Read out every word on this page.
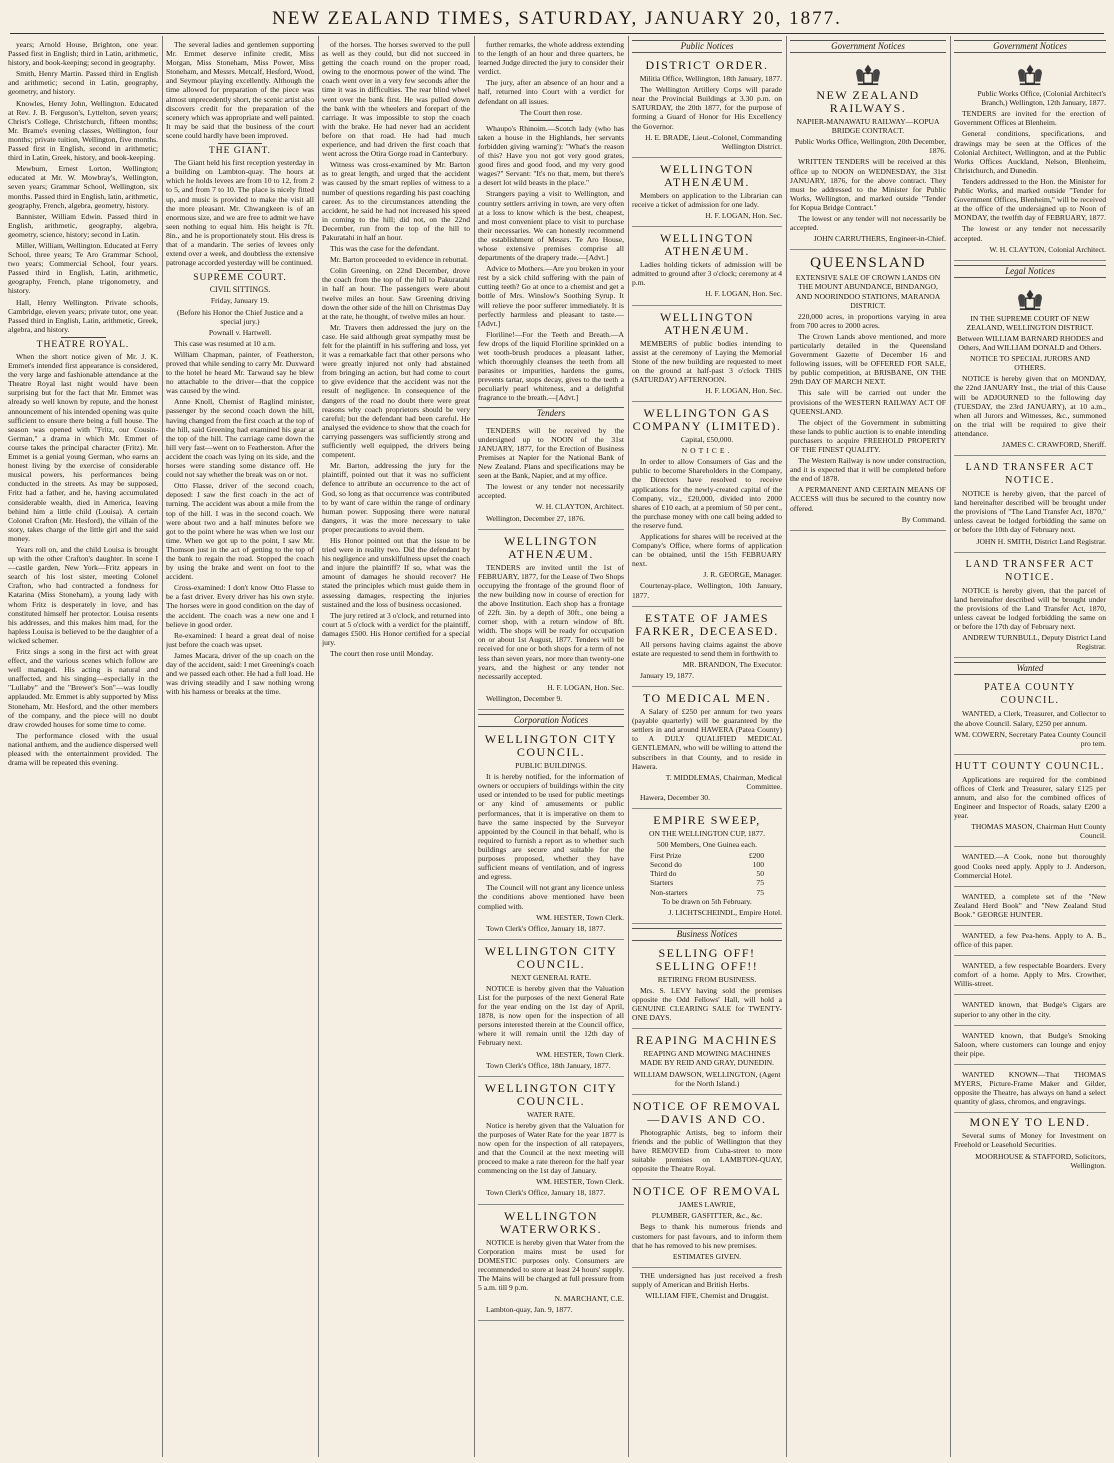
NEW ZEALAND TIMES, SATURDAY, JANUARY 20, 1877.

years; Arnold House, Brighton, one year. Passed first in English; third in Latin, arithmetic, history, and book-keeping; second in geography.

Smith, Henry Martin. Passed third in English and arithmetic; second in Latin, geography, geometry, and history.

Knowles, Henry John, Wellington. Educated at Rev. J. B. Ferguson's, Lyttelton, seven years; Christ's College, Christchurch, fifteen months; Mr. Brame's evening classes, Wellington, four months; private tuition, Wellington, five months. Passed first in English, second in arithmetic; third in Latin, Greek, history, and book-keeping.

Mewburn, Ernest Lorton, Wellington; educated at Mr. W. Mowbray's, Wellington, seven years; Grammar School, Wellington, six months. Passed third in English, latin, arithmetic, geography, French, algebra, geometry, history.

Bannister, William Edwin. Passed third in English, arithmetic, geography, algebra, geometry, science, history; second in Latin.

Miller, William, Wellington. Educated at Ferry School, three years; Te Aro Grammar School, two years; Commercial School, four years. Passed third in English, Latin, arithmetic, geography, French, plane trigonometry, and history.

Hall, Henry Wellington. Private schools, Cambridge, eleven years; private tutor, one year. Passed third in English, Latin, arithmetic, Greek, algebra, and history.

THEATRE ROYAL.

When the short notice given of Mr. J. K. Emmet's intended first appearance is considered, the very large and fashionable attendance at the Theatre Royal last night would have been surprising but for the fact that Mr. Emmet was already so well known by repute, and the honest announcement of his intended opening was quite sufficient to ensure there being a full house. The season was opened with "Fritz, our Cousin-German," a drama in which Mr. Emmet of course takes the principal character (Fritz). Mr. Emmet is a genial young German, who earns an honest living by the exercise of considerable musical powers, his performances being conducted in the streets. As may be supposed, Fritz had a father, and he, having accumulated considerable wealth, died in America, leaving behind him a little child (Louisa). A certain Colonel Crafton (Mr. Hesford), the villain of the story, takes charge of the little girl and the said money.

Years roll on, and the child Louisa is brought up with the other Crafton's daughter. In scene I—castle garden, New York—Fritz appears in search of his lost sister, meeting Colonel Crafton, who had contracted a fondness for Katarina (Miss Stoneham), a young lady with whom Fritz is desperately in love, and has constituted himself her protector. Louisa resents his addresses, and this makes him mad, for the hapless Louisa is believed to be the daughter of a wicked schemer.

Fritz sings a song in the first act with great effect, and the various scenes which follow are well managed. His acting is natural and unaffected, and his singing—especially in the "Lullaby" and the "Brewer's Son"—was loudly applauded. Mr. Emmet is ably supported by Miss Stoneham, Mr. Hesford, and the other members of the company, and the piece will no doubt draw crowded houses for some time to come.

The performance closed with the usual national anthem, and the audience dispersed well pleased with the entertainment provided. The drama will be repeated this evening.

The several ladies and gentlemen supporting Mr. Emmet deserve infinite credit, Miss Morgan, Miss Stoneham, Miss Power, Miss Stoneham, and Messrs. Metcalf, Hesford, Wood, and Seymour playing excellently. Although the time allowed for preparation of the piece was almost unprecedently short, the scenic artist also discovers credit for the preparation of the scenery which was appropriate and well painted. It may be said that the business of the court scene could hardly have been improved.

THE GIANT.

The Giant held his first reception yesterday in a building on Lambton-quay. The hours at which he holds levees are from 10 to 12, from 2 to 5, and from 7 to 10. The place is nicely fitted up, and music is provided to make the visit all the more pleasant. Mr. Chwangkeen is of an enormous size, and we are free to admit we have seen nothing to equal him. His height is 7ft. 8in., and he is proportionately stout. His dress is that of a mandarin. The series of levees only extend over a week, and doubtless the extensive patronage accorded yesterday will be continued.

SUPREME COURT.
CIVIL SITTINGS.

Friday, January 19.

(Before his Honor the Chief Justice and a special jury.)

Pownall v. Hartwell.

This case was resumed at 10 a.m.

William Chapman, painter, of Featherston, proved that while sending to carry Mr. Duxward to the hotel he heard Mr. Tarwaud say he blew no attachable to the driver—that the coppice was caused by the wind.

Anne Knoll, Chemist of Raglind minister, passenger by the second coach down the hill, having changed from the first coach at the top of the hill, said Greening had examined his gear at the top of the hill. The carriage came down the hill very fast—went on to Featherston. After the accident the coach was lying on its side, and the horses were standing some distance off. He could not say whether the break was on or not.

Otto Flasse, driver of the second coach, deposed: I saw the first coach in the act of turning. The accident was about a mile from the top of the hill. I was in the second coach. We were about two and a half minutes before we got to the point where he was when we lost our time. When we got up to the point, I saw Mr. Thomson just in the act of getting to the top of the bank to regain the road. Stopped the coach by using the brake and went on foot to the accident.

Cross-examined: I don't know Otto Flasse to be a fast driver. Every driver has his own style. The horses were in good condition on the day of the accident. The coach was a new one and I believe in good order.

Re-examined: I heard a great deal of noise just before the coach was upset.

James Macara, driver of the up coach on the day of the accident, said: I met Greening's coach and we passed each other. He had a full load. He was driving steadily and I saw nothing wrong with his harness or breaks at the time.

of the horses. The horses swerved to the pull as well as they could, but did not succeed in getting the coach round on the proper road, owing to the enormous power of the wind. The coach went over in a very few seconds after the time it was in difficulties. The rear blind wheel went over the bank first. He was pulled down the bank with the wheelers and forepart of the carriage. It was impossible to stop the coach with the brake. He had never had an accident before on that road. He had had much experience, and had driven the first coach that went across the Otira Gorge road in Canterbury.

Witness was cross-examined by Mr. Barton as to great length, and urged that the accident was caused by the smart replies of witness to a number of questions regarding his past coaching career. As to the circumstances attending the accident, he said he had not increased his speed in coming to the hill; did not, on the 22nd December, run from the top of the hill to Pakuratahi in half an hour.

This was the case for the defendant.

Mr. Barton proceeded to evidence in rebuttal.

Colin Greening, on 22nd December, drove the coach from the top of the hill to Pakuratahi in half an hour. The passengers were about twelve miles an hour. Saw Greening driving down the other side of the hill on Christmas Day at the rate, he thought, of twelve miles an hour.

Mr. Travers then addressed the jury on the case. He said although great sympathy must be felt for the plaintiff in his suffering and loss, yet it was a remarkable fact that other persons who were greatly injured not only had abstained from bringing an action, but had come to court to give evidence that the accident was not the result of negligence. In consequence of the dangers of the road no doubt there were great reasons why coach proprietors should be very careful; but the defendant had been careful. He analysed the evidence to show that the coach for carrying passengers was sufficiently strong and sufficiently well equipped, the drivers being competent.

Mr. Barton, addressing the jury for the plaintiff, pointed out that it was no sufficient defence to attribute an occurrence to the act of God, so long as that occurrence was contributed to by want of care within the range of ordinary human power. Supposing there were natural dangers, it was the more necessary to take proper precautions to avoid them.

His Honor pointed out that the issue to be tried were in reality two. Did the defendant by his negligence and unskilfulness upset the coach and injure the plaintiff? If so, what was the amount of damages he should recover? He stated the principles which must guide them in assessing damages, respecting the injuries sustained and the loss of business occasioned.

The jury retired at 3 o'clock, and returned into court at 5 o'clock with a verdict for the plaintiff, damages £500. His Honor certified for a special jury.

The court then rose until Monday.

further remarks, the whole address extending to the length of an hour and three quarters, he learned Judge directed the jury to consider their verdict.

The jury, after an absence of an hour and a half, returned into Court with a verdict for defendant on all issues.

The Court then rose.

Whaupo's Rhinoim.—Scotch lady (who has taken a house in the Highlands, her servants forbidden giving warning'): "What's the reason of this? Have you not got very good grates, good fires and good food, and my very good wages?" Servant: "It's no that, mem, but there's a desert lot wild beasts in the place."

Strangers paying a visit to Wellington, and country settlers arriving in town, are very often at a loss to know which is the best, cheapest, and most convenient place to visit to purchase their necessaries. We can honestly recommend the establishment of Messrs. Te Aro House, whose extensive premises comprise all departments of the drapery trade.—[Advt.]

Advice to Mothers.—Are you broken in your rest by a sick child suffering with the pain of cutting teeth? Go at once to a chemist and get a bottle of Mrs. Winslow's Soothing Syrup. It will relieve the poor sufferer immediately. It is perfectly harmless and pleasant to taste.—[Advt.]

Floriline!—For the Teeth and Breath.—A few drops of the liquid Floriline sprinkled on a wet tooth-brush produces a pleasant lather, which thoroughly cleanses the teeth from all parasites or impurities, hardens the gums, prevents tartar, stops decay, gives to the teeth a peculiarly pearl whiteness, and a delightful fragrance to the breath.—[Advt.]

Tenders

TENDERS will be received by the undersigned up to NOON of the 31st JANUARY, 1877, for the Erection of Business Premises at Napier for the National Bank of New Zealand. Plans and specifications may be seen at the Bank, Napier, and at my office.

The lowest or any tender not necessarily accepted.

W. H. CLAYTON, Architect.

Wellington, December 27, 1876.

WELLINGTON ATHENÆUM.

TENDERS are invited until the 1st of FEBRUARY, 1877, for the Lease of Two Shops occupying the frontage of the ground floor of the new building now in course of erection for the above Institution. Each shop has a frontage of 22ft. 3in. by a depth of 30ft., one being a corner shop, with a return window of 8ft. width. The shops will be ready for occupation on or about 1st August, 1877. Tenders will be received for one or both shops for a term of not less than seven years, nor more than twenty-one years, and the highest or any tender not necessarily accepted.

H. F. LOGAN, Hon. Sec.

Wellington, December 9.

Corporation Notices

WELLINGTON CITY COUNCIL.

PUBLIC BUILDINGS.

It is hereby notified, for the information of owners or occupiers of buildings within the city used or intended to be used for public meetings or any kind of amusements or public performances, that it is imperative on them to have the same inspected by the Surveyor appointed by the Council in that behalf, who is required to furnish a report as to whether such buildings are secure and suitable for the purposes proposed, whether they have sufficient means of ventilation, and of ingress and egress.

The Council will not grant any licence unless the conditions above mentioned have been complied with.

WM. HESTER, Town Clerk.

Town Clerk's Office, January 18, 1877.

WELLINGTON CITY COUNCIL.

NEXT GENERAL RATE.

NOTICE is hereby given that the Valuation List for the purposes of the next General Rate for the year ending on the 1st day of April, 1878, is now open for the inspection of all persons interested therein at the Council office, where it will remain until the 12th day of February next.

WM. HESTER, Town Clerk.

Town Clerk's Office, 18th January, 1877.

WELLINGTON CITY COUNCIL.

WATER RATE.

Notice is hereby given that the Valuation for the purposes of Water Rate for the year 1877 is now open for the inspection of all ratepayers, and that the Council at the next meeting will proceed to make a rate thereon for the half year commencing on the 1st day of January.

WM. HESTER, Town Clerk.

Town Clerk's Office, January 18, 1877.

WELLINGTON WATERWORKS.

NOTICE is hereby given that Water from the Corporation mains must be used for DOMESTIC purposes only. Consumers are recommended to store at least 24 hours' supply. The Mains will be charged at full pressure from 5 a.m. till 9 p.m.

N. MARCHANT, C.E.

Lambton-quay, Jan. 9, 1877.

Public Notices

DISTRICT ORDER.

Militia Office, Wellington, 18th January, 1877.

The Wellington Artillery Corps will parade near the Provincial Buildings at 3.30 p.m. on SATURDAY, the 20th 1877, for the purpose of forming a Guard of Honor for His Excellency the Governor.

H. E. BRADE, Lieut.-Colonel, Commanding Wellington District.

WELLINGTON ATHENÆUM.

Members on application to the Librarian can receive a ticket of admission for one lady.

H. F. LOGAN, Hon. Sec.

WELLINGTON ATHENÆUM.

Ladies holding tickets of admission will be admitted to ground after 3 o'clock; ceremony at 4 p.m.

H. F. LOGAN, Hon. Sec.

WELLINGTON ATHENÆUM.

MEMBERS of public bodies intending to assist at the ceremony of Laying the Memorial Stone of the new building are requested to meet on the ground at half-past 3 o'clock THIS (SATURDAY) AFTERNOON.

H. F. LOGAN, Hon. Sec.

WELLINGTON GAS COMPANY (LIMITED).

Capital, £50,000.

NOTICE.

In order to allow Consumers of Gas and the public to become Shareholders in the Company, the Directors have resolved to receive applications for the newly-created capital of the Company, viz., £20,000, divided into 2000 shares of £10 each, at a premium of 50 per cent., the purchase money with one call being added to the reserve fund.

Applications for shares will be received at the Company's Office, where forms of application can be obtained, until the 15th FEBRUARY next.

J. R. GEORGE, Manager.

Courtenay-place, Wellington, 10th January, 1877.

ESTATE OF JAMES FARKER, DECEASED.

All persons having claims against the above estate are requested to send them in forthwith to

MR. BRANDON, The Executor.

January 19, 1877.

TO MEDICAL MEN.

A Salary of £250 per annum for two years (payable quarterly) will be guaranteed by the settlers in and around HAWERA (Patea County) to A DULY QUALIFIED MEDICAL GENTLEMAN, who will be willing to attend the subscribers in that County, and to reside in Hawera.

T. MIDDLEMAS, Chairman, Medical Committee.

Hawera, December 30.

EMPIRE SWEEP,

ON THE WELLINGTON CUP, 1877.

500 Members, One Guinea each.

First Prize	£200
Second do	100
Third do	50
Starters	75
Non-starters	75

To be drawn on 5th February.

J. LICHTSCHEINDL, Empire Hotel.

Business Notices

SELLING OFF! SELLING OFF!!

RETIRING FROM BUSINESS.

Mrs. S. LEVY having sold the premises opposite the Odd Fellows' Hall, will hold a GENUINE CLEARING SALE for TWENTY-ONE DAYS.

REAPING MACHINES

REAPING AND MOWING MACHINES MADE BY REID AND GRAY, DUNEDIN.

WILLIAM DAWSON, WELLINGTON, (Agent for the North Island.)

NOTICE OF REMOVAL—DAVIS AND CO.

Photographic Artists, beg to inform their friends and the public of Wellington that they have REMOVED from Cuba-street to more suitable premises on LAMBTON-QUAY, opposite the Theatre Royal.

NOTICE OF REMOVAL

JAMES LAWRIE,

PLUMBER, GASFITTER, &c., &c.

Begs to thank his numerous friends and customers for past favours, and to inform them that he has removed to his new premises.

ESTIMATES GIVEN.

THE undersigned has just received a fresh supply of American and British Herbs.

WILLIAM FIFE, Chemist and Druggist.

Government Notices

NEW ZEALAND RAILWAYS.

NAPIER-MANAWATU RAILWAY—KOPUA BRIDGE CONTRACT.

Public Works Office, Wellington, 20th December, 1876.

WRITTEN TENDERS will be received at this office up to NOON on WEDNESDAY, the 31st JANUARY, 1876, for the above contract. They must be addressed to the Minister for Public Works, Wellington, and marked outside "Tender for Kopua Bridge Contract."

The lowest or any tender will not necessarily be accepted.

JOHN CARRUTHERS, Engineer-in-Chief.

QUEENSLAND

EXTENSIVE SALE OF CROWN LANDS ON THE MOUNT ABUNDANCE, BINDANGO, AND NOORINDOO STATIONS, MARANOA DISTRICT.

220,000 acres, in proportions varying in area from 700 acres to 2000 acres.

The Crown Lands above mentioned, and more particularly detailed in the Queensland Government Gazette of December 16 and following issues, will be OFFERED FOR SALE, by public competition, at BRISBANE, ON THE 29th DAY OF MARCH NEXT.

This sale will be carried out under the provisions of the WESTERN RAILWAY ACT OF QUEENSLAND.

The object of the Government in submitting these lands to public auction is to enable intending purchasers to acquire FREEHOLD PROPERTY OF THE FINEST QUALITY.

The Western Railway is now under construction, and it is expected that it will be completed before the end of 1878.

A PERMANENT AND CERTAIN MEANS OF ACCESS will thus be secured to the country now offered.

By Command.

Government Notices

Public Works Office, (Colonial Architect's Branch,) Wellington, 12th January, 1877.

TENDERS are invited for the erection of Government Offices at Blenheim.

General conditions, specifications, and drawings may be seen at the Offices of the Colonial Architect, Wellington, and at the Public Works Offices Auckland, Nelson, Blenheim, Christchurch, and Dunedin.

Tenders addressed to the Hon. the Minister for Public Works, and marked outside "Tender for Government Offices, Blenheim," will be received at the office of the undersigned up to Noon of MONDAY, the twelfth day of FEBRUARY, 1877.

The lowest or any tender not necessarily accepted.

W. H. CLAYTON, Colonial Architect.

Legal Notices

IN THE SUPREME COURT OF NEW ZEALAND, WELLINGTON DISTRICT.

Between WILLIAM BARNARD RHODES and Others, And WILLIAM DONALD and Others.

NOTICE TO SPECIAL JURORS AND OTHERS.

NOTICE is hereby given that on MONDAY, the 22nd JANUARY Inst., the trial of this Cause will be ADJOURNED to the following day (TUESDAY, the 23rd JANUARY), at 10 a.m., when all Jurors and Witnesses, &c., summoned on the trial will be required to give their attendance.

JAMES C. CRAWFORD, Sheriff.

LAND TRANSFER ACT NOTICE.

NOTICE is hereby given, that the parcel of land hereinafter described will be brought under the provisions of "The Land Transfer Act, 1870," unless caveat be lodged forbidding the same on or before the 10th day of February next.

JOHN H. SMITH, District Land Registrar.

LAND TRANSFER ACT NOTICE.

NOTICE is hereby given, that the parcel of land hereinafter described will be brought under the provisions of the Land Transfer Act, 1870, unless caveat be lodged forbidding the same on or before the 17th day of February next.

ANDREW TURNBULL, Deputy District Land Registrar.

Wanted

PATEA COUNTY COUNCIL.

WANTED, a Clerk, Treasurer, and Collector to the above Council. Salary, £250 per annum.

WM. COWERN, Secretary Patea County Council pro tem.

HUTT COUNTY COUNCIL.

Applications are required for the combined offices of Clerk and Treasurer, salary £125 per annum, and also for the combined offices of Engineer and Inspector of Roads, salary £200 a year.

THOMAS MASON, Chairman Hutt County Council.

WANTED.—A Cook, none but thoroughly good Cooks need apply. Apply to J. Anderson, Commercial Hotel.

WANTED, a complete set of the "New Zealand Herd Book" and "New Zealand Stud Book." GEORGE HUNTER.

WANTED, a few Pea-hens. Apply to A. B., office of this paper.

WANTED, a few respectable Boarders. Every comfort of a home. Apply to Mrs. Crowther, Willis-street.

WANTED known, that Budge's Cigars are superior to any other in the city.

WANTED known, that Budge's Smoking Saloon, where customers can lounge and enjoy their pipe.

WANTED KNOWN—That THOMAS MYERS, Picture-Frame Maker and Gilder, opposite the Theatre, has always on hand a select quantity of glass, chromos, and engravings.

MONEY TO LEND.

Several sums of Money for Investment on Freehold or Leasehold Securities.

MOORHOUSE & STAFFORD, Solicitors, Wellington.
